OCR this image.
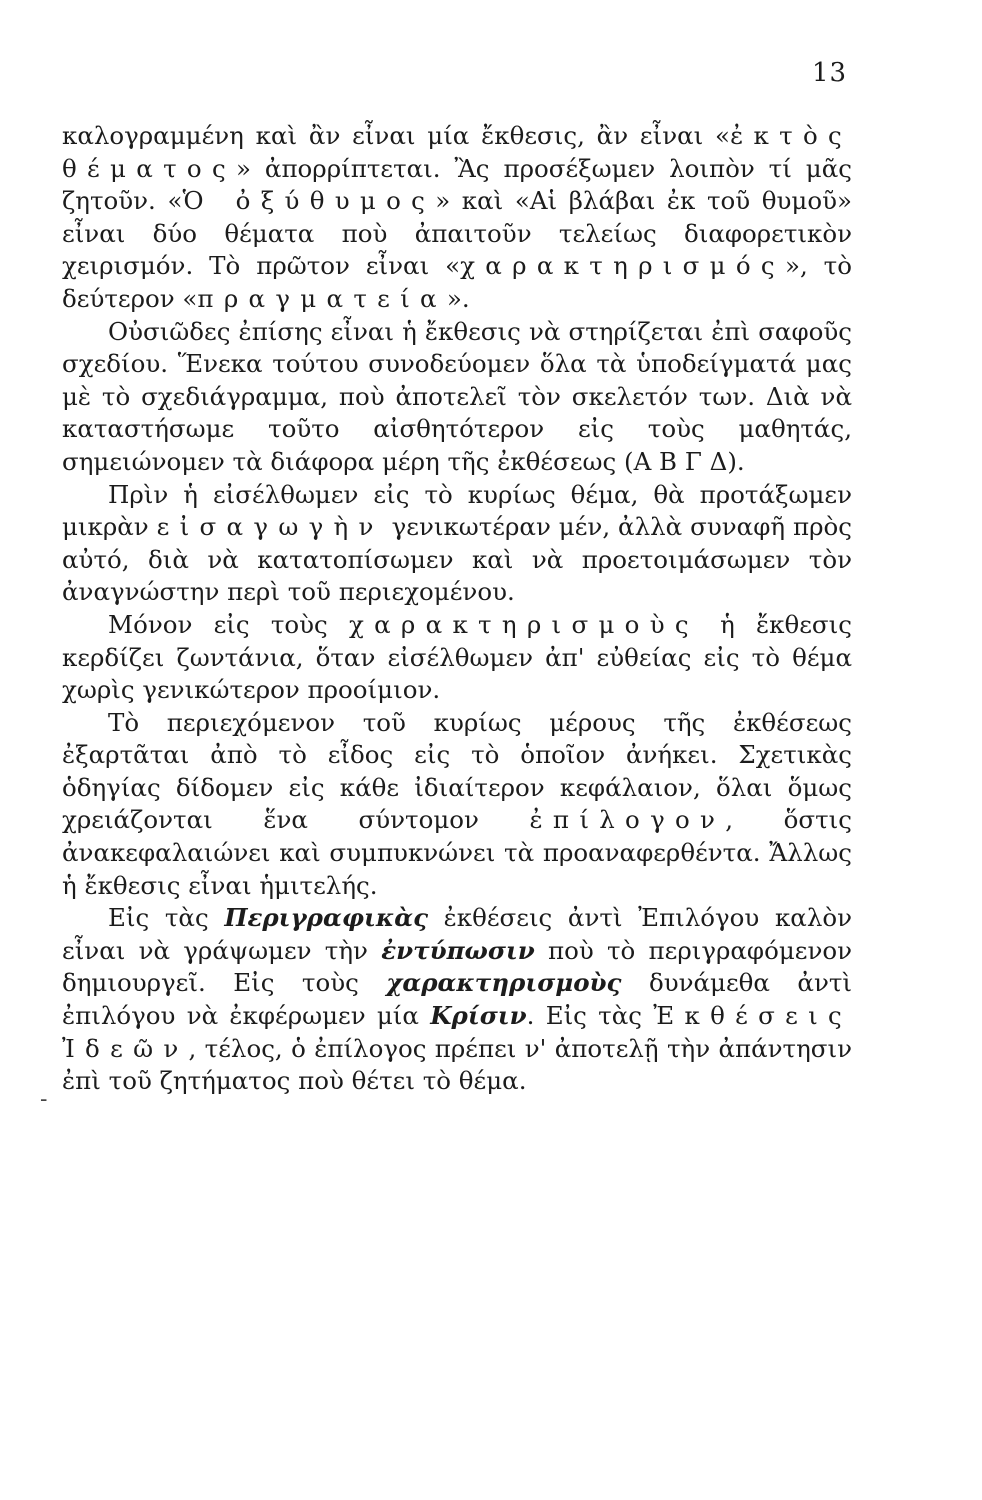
13

καλογραμμένη καὶ ἂν εἶναι μία ἔκθεσις, ἂν εἶναι «ἐκτὸς θέματος» ἀπορρίπτεται. Ἂς προσέξωμεν λοιπὸν τί μᾶς ζητοῦν. «Ὁ ὀξύθυμος» καὶ «Αἱ βλάβαι ἐκ τοῦ θυμοῦ» εἶναι δύο θέματα ποὺ ἀπαιτοῦν τελείως διαφορετικὸν χειρισμόν. Τὸ πρῶτον εἶναι «χαρακτηρισμός», τὸ δεύτερον «πραγματεία».

Οὐσιῶδες ἐπίσης εἶναι ἡ ἔκθεσις νὰ στηρίζεται ἐπὶ σαφοῦς σχεδίου. Ἕνεκα τούτου συνοδεύομεν ὅλα τὰ ὑποδείγματά μας μὲ τὸ σχεδιάγραμμα, ποὺ ἀποτελεῖ τὸν σκελετόν των. Διὰ νὰ καταστήσωμε τοῦτο αἰσθητότερον εἰς τοὺς μαθητάς, σημειώνομεν τὰ διάφορα μέρη τῆς ἐκθέσεως (Α Β Γ Δ).

Πρὶν ἡ εἰσέλθωμεν εἰς τὸ κυρίως θέμα, θὰ προτάξωμεν μικρὰν εἰσαγωγὴν γενικωτέραν μέν, ἀλλὰ συναφῆ πρὸς αὐτό, διὰ νὰ κατατοπίσωμεν καὶ νὰ προετοιμάσωμεν τὸν ἀναγνώστην περὶ τοῦ περιεχομένου.

Μόνον εἰς τοὺς χαρακτηρισμοὺς ἡ ἔκθεσις κερδίζει ζωντάνια, ὅταν εἰσέλθωμεν ἀπ' εὐθείας εἰς τὸ θέμα χωρὶς γενικώτερον προοίμιον.

Τὸ περιεχόμενον τοῦ κυρίως μέρους τῆς ἐκθέσεως ἐξαρτᾶται ἀπὸ τὸ εἶδος εἰς τὸ ὁποῖον ἀνήκει. Σχετικὰς ὁδηγίας δίδομεν εἰς κάθε ἰδιαίτερον κεφάλαιον, ὅλαι ὅμως χρειάζονται ἕνα σύντομον ἐπίλογον, ὅστις ἀνακεφαλαιώνει καὶ συμπυκνώνει τὰ προαναφερθέντα. Ἄλλως ἡ ἔκθεσις εἶναι ἡμιτελής.

Εἰς τὰς Περιγραφικὰς ἐκθέσεις ἀντὶ Ἐπιλόγου καλὸν εἶναι νὰ γράψωμεν τὴν ἐντύπωσιν ποὺ τὸ περιγραφόμενον δημιουργεῖ. Εἰς τοὺς χαρακτηρισμοὺς δυνάμεθα ἀντὶ ἐπιλόγου νὰ ἐκφέρωμεν μία Κρίσιν. Εἰς τὰς Ἐκθέσεις Ἰδεῶν, τέλος, ὁ ἐπίλογος πρέπει ν' ἀποτελῇ τὴν ἀπάντησιν ἐπὶ τοῦ ζητήματος ποὺ θέτει τὸ θέμα.

-
